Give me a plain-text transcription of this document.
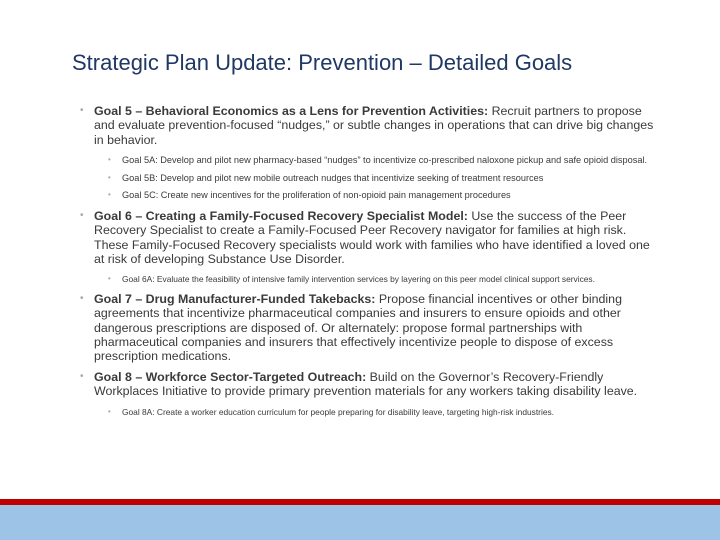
Strategic Plan Update: Prevention – Detailed Goals
• Goal 5 – Behavioral Economics as a Lens for Prevention Activities: Recruit partners to propose and evaluate prevention-focused “nudges,” or subtle changes in operations that can drive big changes in behavior.
• Goal 5A: Develop and pilot new pharmacy-based “nudges” to incentivize co-prescribed naloxone pickup and safe opioid disposal.
• Goal 5B: Develop and pilot new mobile outreach nudges that incentivize seeking of treatment resources
• Goal 5C: Create new incentives for the proliferation of non-opioid pain management procedures
• Goal 6 – Creating a Family-Focused Recovery Specialist Model: Use the success of the Peer Recovery Specialist to create a Family-Focused Peer Recovery navigator for families at high risk. These Family-Focused Recovery specialists would work with families who have identified a loved one at risk of developing Substance Use Disorder.
• Goal 6A: Evaluate the feasibility of intensive family intervention services by layering on this peer model clinical support services.
• Goal 7 – Drug Manufacturer-Funded Takebacks: Propose financial incentives or other binding agreements that incentivize pharmaceutical companies and insurers to ensure opioids and other dangerous prescriptions are disposed of. Or alternately: propose formal partnerships with pharmaceutical companies and insurers that effectively incentivize people to dispose of excess prescription medications.
• Goal 8 – Workforce Sector-Targeted Outreach: Build on the Governor’s Recovery-Friendly Workplaces Initiative to provide primary prevention materials for any workers taking disability leave.
• Goal 8A: Create a worker education curriculum for people preparing for disability leave, targeting high-risk industries.
